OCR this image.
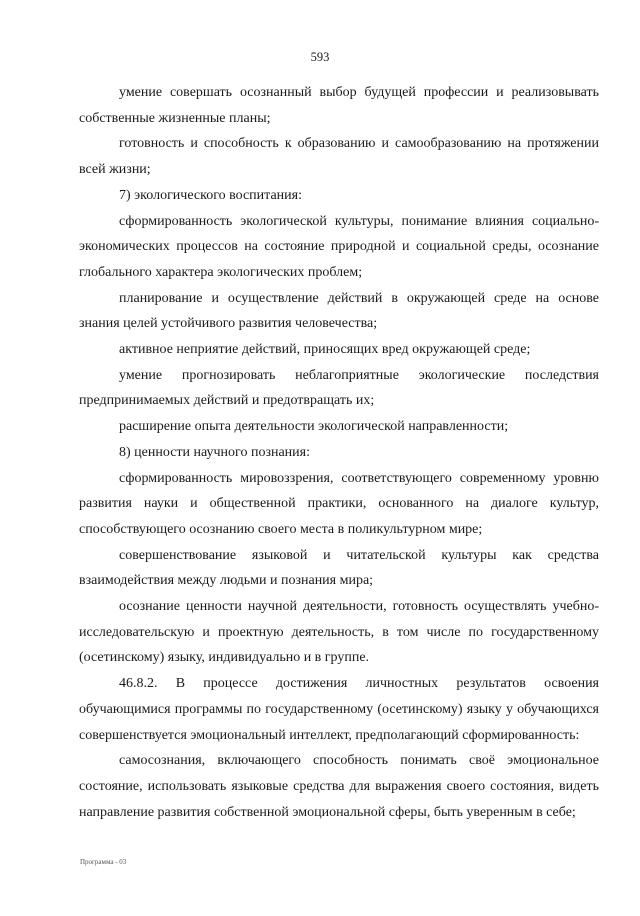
593

умение совершать осознанный выбор будущей профессии и реализовывать собственные жизненные планы;

готовность и способность к образованию и самообразованию на протяжении всей жизни;

7) экологического воспитания:

сформированность экологической культуры, понимание влияния социально-экономических процессов на состояние природной и социальной среды, осознание глобального характера экологических проблем;

планирование и осуществление действий в окружающей среде на основе знания целей устойчивого развития человечества;

активное неприятие действий, приносящих вред окружающей среде;

умение прогнозировать неблагоприятные экологические последствия предпринимаемых действий и предотвращать их;

расширение опыта деятельности экологической направленности;

8) ценности научного познания:

сформированность мировоззрения, соответствующего современному уровню развития науки и общественной практики, основанного на диалоге культур, способствующего осознанию своего места в поликультурном мире;

совершенствование языковой и читательской культуры как средства взаимодействия между людьми и познания мира;

осознание ценности научной деятельности, готовность осуществлять учебно-исследовательскую и проектную деятельность, в том числе по государственному (осетинскому) языку, индивидуально и в группе.

46.8.2. В процессе достижения личностных результатов освоения обучающимися программы по государственному (осетинскому) языку у обучающихся совершенствуется эмоциональный интеллект, предполагающий сформированность:

самосознания, включающего способность понимать своё эмоциональное состояние, использовать языковые средства для выражения своего состояния, видеть направление развития собственной эмоциональной сферы, быть уверенным в себе;

Программа - 03
